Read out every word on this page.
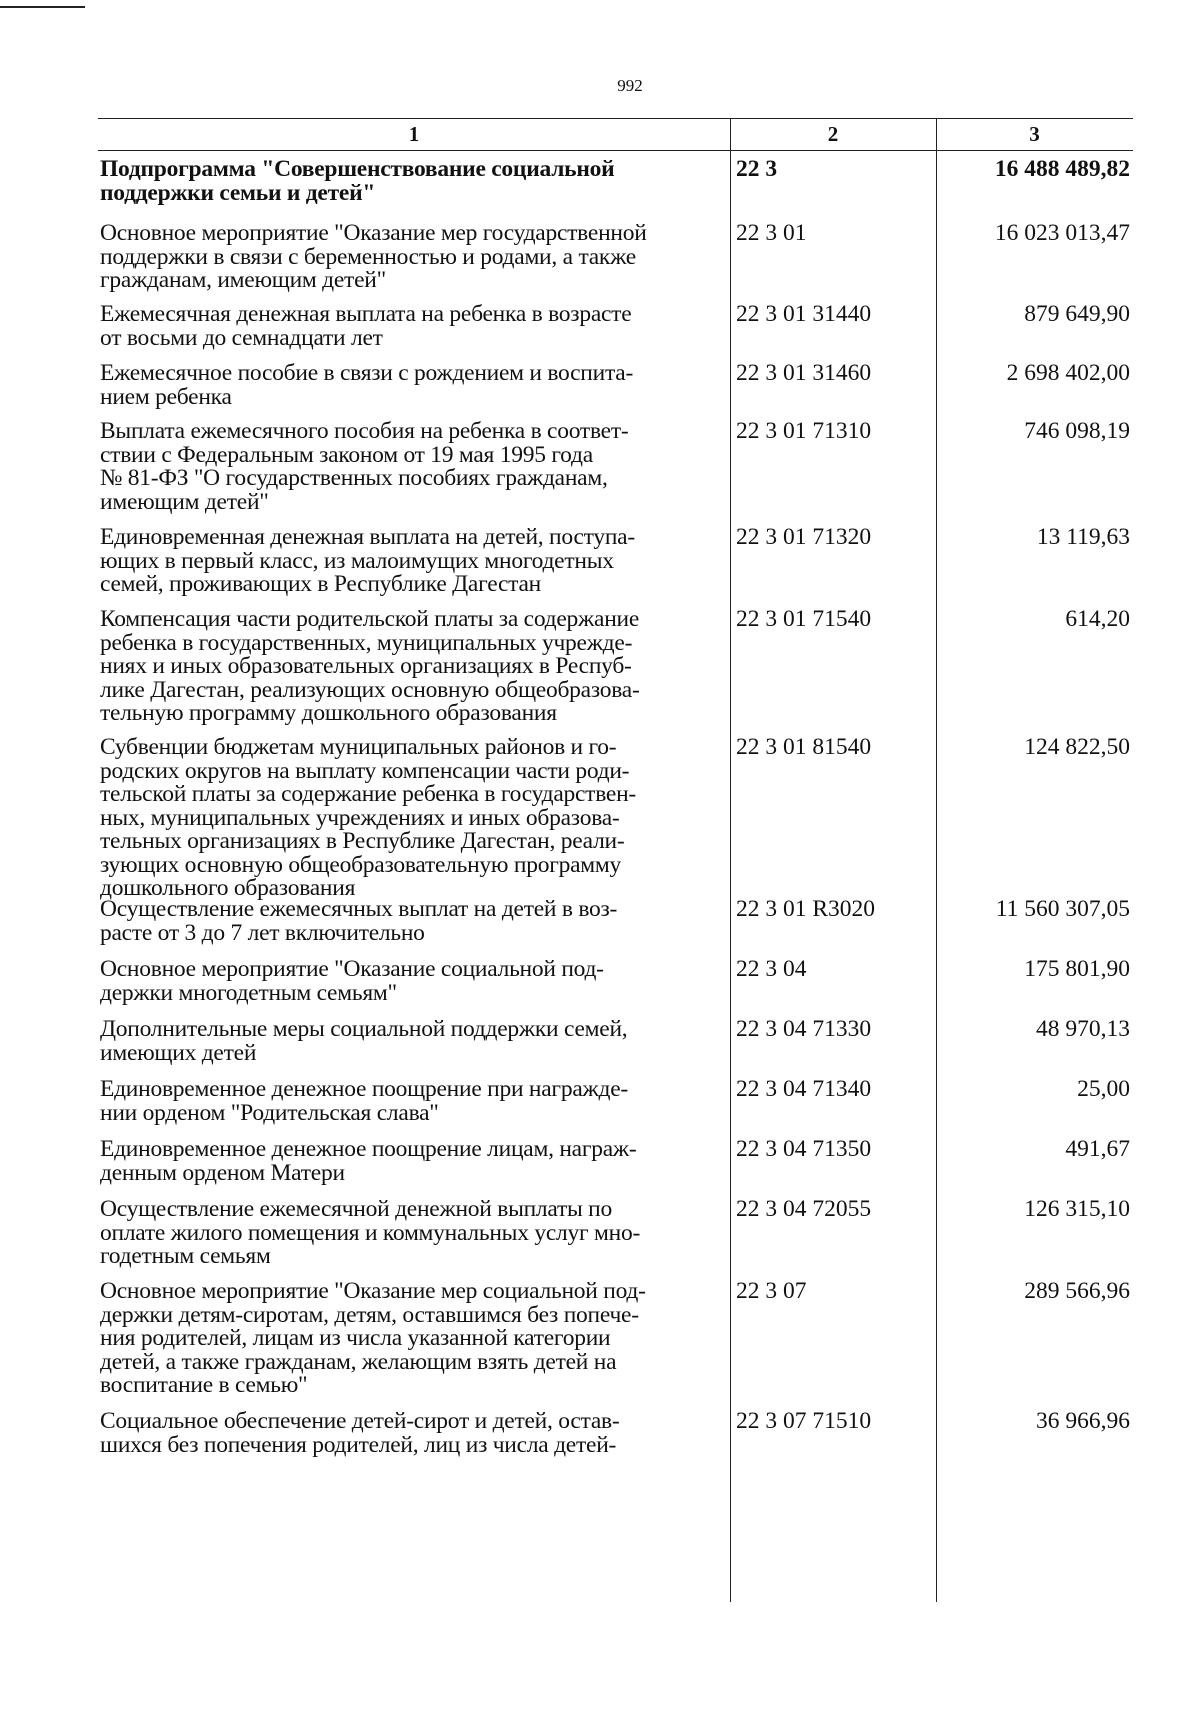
992
1	2	3
Подпрограмма "Совершенствование социальной
поддержки семьи и детей"
22 3	16 488 489,82
Основное мероприятие "Оказание мер государственной
поддержки в связи с беременностью и родами, а также
гражданам, имеющим детей"
22 3 01	16 023 013,47
Ежемесячная денежная выплата на ребенка в возрасте
от восьми до семнадцати лет
22 3 01 31440	879 649,90
Ежемесячное пособие в связи с рождением и воспита-
нием ребенка
22 3 01 31460	2 698 402,00
Выплата ежемесячного пособия на ребенка в соответ-
ствии с Федеральным законом от 19 мая 1995 года
№ 81-ФЗ "О государственных пособиях гражданам,
имеющим детей"
22 3 01 71310	746 098,19
Единовременная денежная выплата на детей, поступа-
ющих в первый класс, из малоимущих многодетных
семей, проживающих в Республике Дагестан
22 3 01 71320	13 119,63
Компенсация части родительской платы за содержание
ребенка в государственных, муниципальных учрежде-
ниях и иных образовательных организациях в Респуб-
лике Дагестан, реализующих основную общеобразова-
тельную программу дошкольного образования
22 3 01 71540	614,20
Субвенции бюджетам муниципальных районов и го-
родских округов на выплату компенсации части роди-
тельской платы за содержание ребенка в государствен-
ных, муниципальных учреждениях и иных образова-
тельных организациях в Республике Дагестан, реали-
зующих основную общеобразовательную программу
дошкольного образования
22 3 01 81540	124 822,50
Осуществление ежемесячных выплат на детей в воз-
расте от 3 до 7 лет включительно
22 3 01 R3020	11 560 307,05
Основное мероприятие "Оказание социальной под-
держки многодетным семьям"
22 3 04	175 801,90
Дополнительные меры социальной поддержки семей,
имеющих детей
22 3 04 71330	48 970,13
Единовременное денежное поощрение при награжде-
нии орденом "Родительская слава"
22 3 04 71340	25,00
Единовременное денежное поощрение лицам, награж-
денным орденом Матери
22 3 04 71350	491,67
Осуществление ежемесячной денежной выплаты по
оплате жилого помещения и коммунальных услуг мно-
годетным семьям
22 3 04 72055	126 315,10
Основное мероприятие "Оказание мер социальной под-
держки детям-сиротам, детям, оставшимся без попече-
ния родителей, лицам из числа указанной категории
детей, а также гражданам, желающим взять детей на
воспитание в семью"
22 3 07	289 566,96
Социальное обеспечение детей-сирот и детей, остав-
шихся без попечения родителей, лиц из числа детей-
22 3 07 71510	36 966,96
